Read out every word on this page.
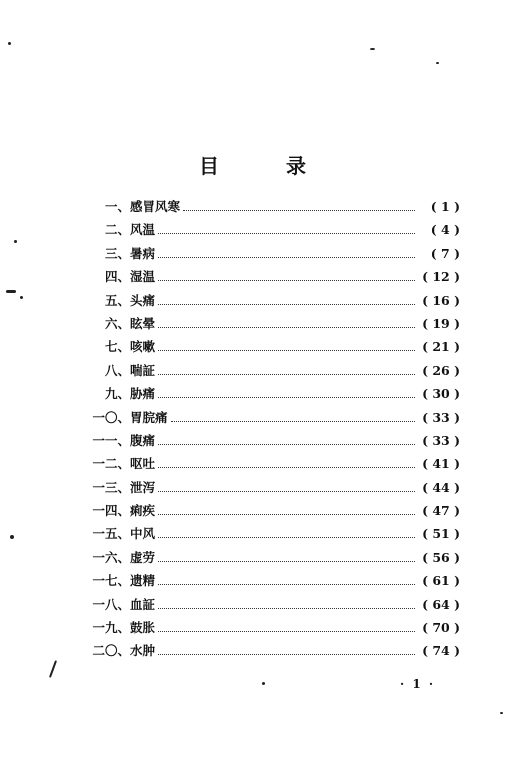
目 录
一、 感冒风寒	( 1 )
二、 风温	( 4 )
三、 暑病	( 7 )
四、 湿温	( 12 )
五、 头痛	( 16 )
六、 眩晕	( 19 )
七、 咳嗽	( 21 )
八、 喘証	( 26 )
九、 胁痛	( 30 )
一〇、 胃脘痛	( 33 )
一一、 腹痛	( 33 )
一二、 呕吐	( 41 )
一三、 泄泻	( 44 )
一四、 痢疾	( 47 )
一五、 中风	( 51 )
一六、 虚劳	( 56 )
一七、 遗精	( 61 )
一八、 血証	( 64 )
一九、 鼓胀	( 70 )
二〇、 水肿	( 74 )
· 1 ·
